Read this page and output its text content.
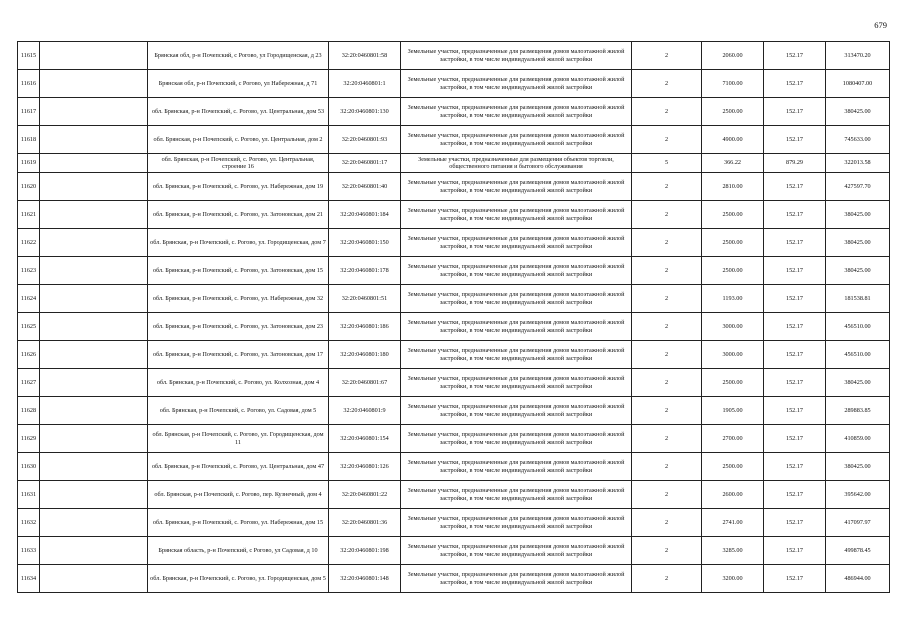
679
11615		Брянская обл, р-н Почепский, с Рогово, ул Городищенская, д 23	32:20:0460801:58	Земельные участки, предназначенные для размещения домов малоэтажной жилой застройки, в том числе индивидуальной жилой застройки	2	2060.00	152.17	313470.20
11616		Брянская обл, р-н Почепский, с Рогово, ул Набережная, д 71	32:20:0460801:1	Земельные участки, предназначенные для размещения домов малоэтажной жилой застройки, в том числе индивидуальной жилой застройки	2	7100.00	152.17	1080407.00
11617		обл. Брянская, р-н Почепский, с. Рогово, ул. Центральная, дом 53	32:20:0460801:130	Земельные участки, предназначенные для размещения домов малоэтажной жилой застройки, в том числе индивидуальной жилой застройки	2	2500.00	152.17	380425.00
11618		обл. Брянская, р-н Почепский, с. Рогово, ул. Центральная, дом 2	32:20:0460801:93	Земельные участки, предназначенные для размещения домов малоэтажной жилой застройки, в том числе индивидуальной жилой застройки	2	4900.00	152.17	745633.00
11619		обл. Брянская, р-н Почепский, с. Рогово, ул. Центральная, строение 16	32:20:0460801:17	Земельные участки, предназначенные для размещения объектов торговли, общественного питания и бытового обслуживания	5	366.22	879.29	322013.58
11620		обл. Брянская, р-н Почепский, с. Рогово, ул. Набережная, дом 19	32:20:0460801:40	Земельные участки, предназначенные для размещения домов малоэтажной жилой застройки, в том числе индивидуальной жилой застройки	2	2810.00	152.17	427597.70
11621		обл. Брянская, р-н Почепский, с. Рогово, ул. Затоновская, дом 21	32:20:0460801:184	Земельные участки, предназначенные для размещения домов малоэтажной жилой застройки, в том числе индивидуальной жилой застройки	2	2500.00	152.17	380425.00
11622		обл. Брянская, р-н Почепский, с. Рогово, ул. Городищенская, дом 7	32:20:0460801:150	Земельные участки, предназначенные для размещения домов малоэтажной жилой застройки, в том числе индивидуальной жилой застройки	2	2500.00	152.17	380425.00
11623		обл. Брянская, р-н Почепский, с. Рогово, ул. Затоновская, дом 15	32:20:0460801:178	Земельные участки, предназначенные для размещения домов малоэтажной жилой застройки, в том числе индивидуальной жилой застройки	2	2500.00	152.17	380425.00
11624		обл. Брянская, р-н Почепский, с. Рогово, ул. Набережная, дом 32	32:20:0460801:51	Земельные участки, предназначенные для размещения домов малоэтажной жилой застройки, в том числе индивидуальной жилой застройки	2	1193.00	152.17	181538.81
11625		обл. Брянская, р-н Почепский, с. Рогово, ул. Затоновская, дом 23	32:20:0460801:186	Земельные участки, предназначенные для размещения домов малоэтажной жилой застройки, в том числе индивидуальной жилой застройки	2	3000.00	152.17	456510.00
11626		обл. Брянская, р-н Почепский, с. Рогово, ул. Затоновская, дом 17	32:20:0460801:180	Земельные участки, предназначенные для размещения домов малоэтажной жилой застройки, в том числе индивидуальной жилой застройки	2	3000.00	152.17	456510.00
11627		обл. Брянская, р-н Почепский, с. Рогово, ул. Колхозная, дом 4	32:20:0460801:67	Земельные участки, предназначенные для размещения домов малоэтажной жилой застройки, в том числе индивидуальной жилой застройки	2	2500.00	152.17	380425.00
11628		обл. Брянская, р-н Почепский, с. Рогово, ул. Садовая, дом 5	32:20:0460801:9	Земельные участки, предназначенные для размещения домов малоэтажной жилой застройки, в том числе индивидуальной жилой застройки	2	1905.00	152.17	289883.85
11629		обл. Брянская, р-н Почепский, с. Рогово, ул. Городищенская, дом 11	32:20:0460801:154	Земельные участки, предназначенные для размещения домов малоэтажной жилой застройки, в том числе индивидуальной жилой застройки	2	2700.00	152.17	410859.00
11630		обл. Брянская, р-н Почепский, с. Рогово, ул. Центральная, дом 47	32:20:0460801:126	Земельные участки, предназначенные для размещения домов малоэтажной жилой застройки, в том числе индивидуальной жилой застройки	2	2500.00	152.17	380425.00
11631		обл. Брянская, р-н Почепский, с. Рогово, пер. Кузнечный, дом 4	32:20:0460801:22	Земельные участки, предназначенные для размещения домов малоэтажной жилой застройки, в том числе индивидуальной жилой застройки	2	2600.00	152.17	395642.00
11632		обл. Брянская, р-н Почепский, с. Рогово, ул. Набережная, дом 15	32:20:0460801:36	Земельные участки, предназначенные для размещения домов малоэтажной жилой застройки, в том числе индивидуальной жилой застройки	2	2741.00	152.17	417097.97
11633		Брянская область, р-н Почепский, с Рогово, ул Садовая, д 10	32:20:0460801:198	Земельные участки, предназначенные для размещения домов малоэтажной жилой застройки, в том числе индивидуальной жилой застройки	2	3285.00	152.17	499878.45
11634		обл. Брянская, р-н Почепский, с. Рогово, ул. Городищенская, дом 5	32:20:0460801:148	Земельные участки, предназначенные для размещения домов малоэтажной жилой застройки, в том числе индивидуальной жилой застройки	2	3200.00	152.17	486944.00
